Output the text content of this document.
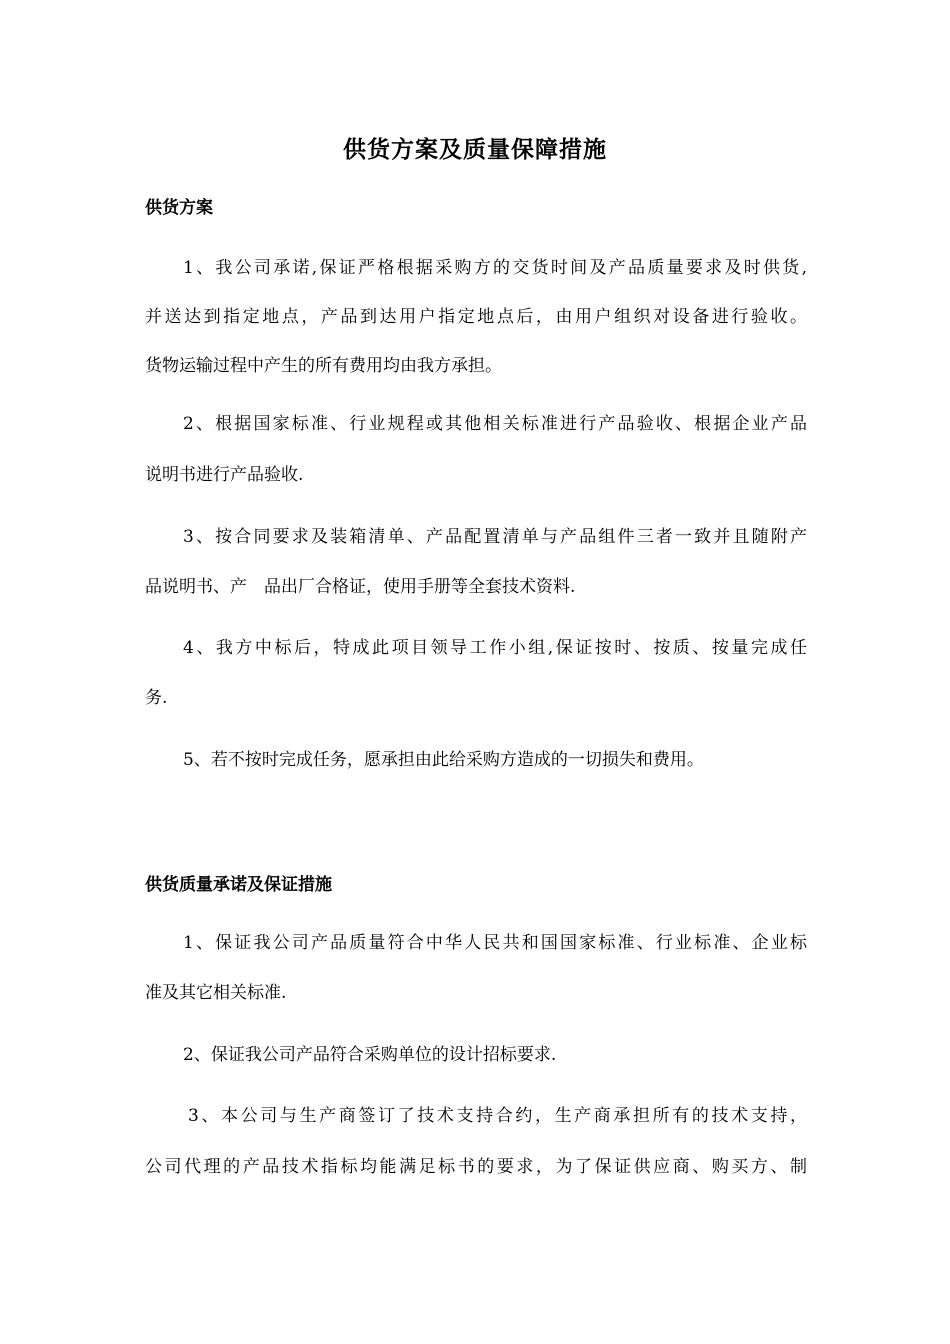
供货方案及质量保障措施
供货方案
1、我公司承诺,保证严格根据采购方的交货时间及产品质量要求及时供货,
并送达到指定地点，产品到达用户指定地点后，由用户组织对设备进行验收。
货物运输过程中产生的所有费用均由我方承担。
2、根据国家标准、行业规程或其他相关标准进行产品验收、根据企业产品
说明书进行产品验收.
3、按合同要求及装箱清单、产品配置清单与产品组件三者一致并且随附产
品说明书、产　品出厂合格证，使用手册等全套技术资料.
4、我方中标后，特成此项目领导工作小组,保证按时、按质、按量完成任
务.
5、若不按时完成任务，愿承担由此给采购方造成的一切损失和费用。
供货质量承诺及保证措施
1、保证我公司产品质量符合中华人民共和国国家标准、行业标准、企业标
准及其它相关标准.
2、保证我公司产品符合采购单位的设计招标要求.
3、本公司与生产商签订了技术支持合约，生产商承担所有的技术支持，
公司代理的产品技术指标均能满足标书的要求，为了保证供应商、购买方、制
